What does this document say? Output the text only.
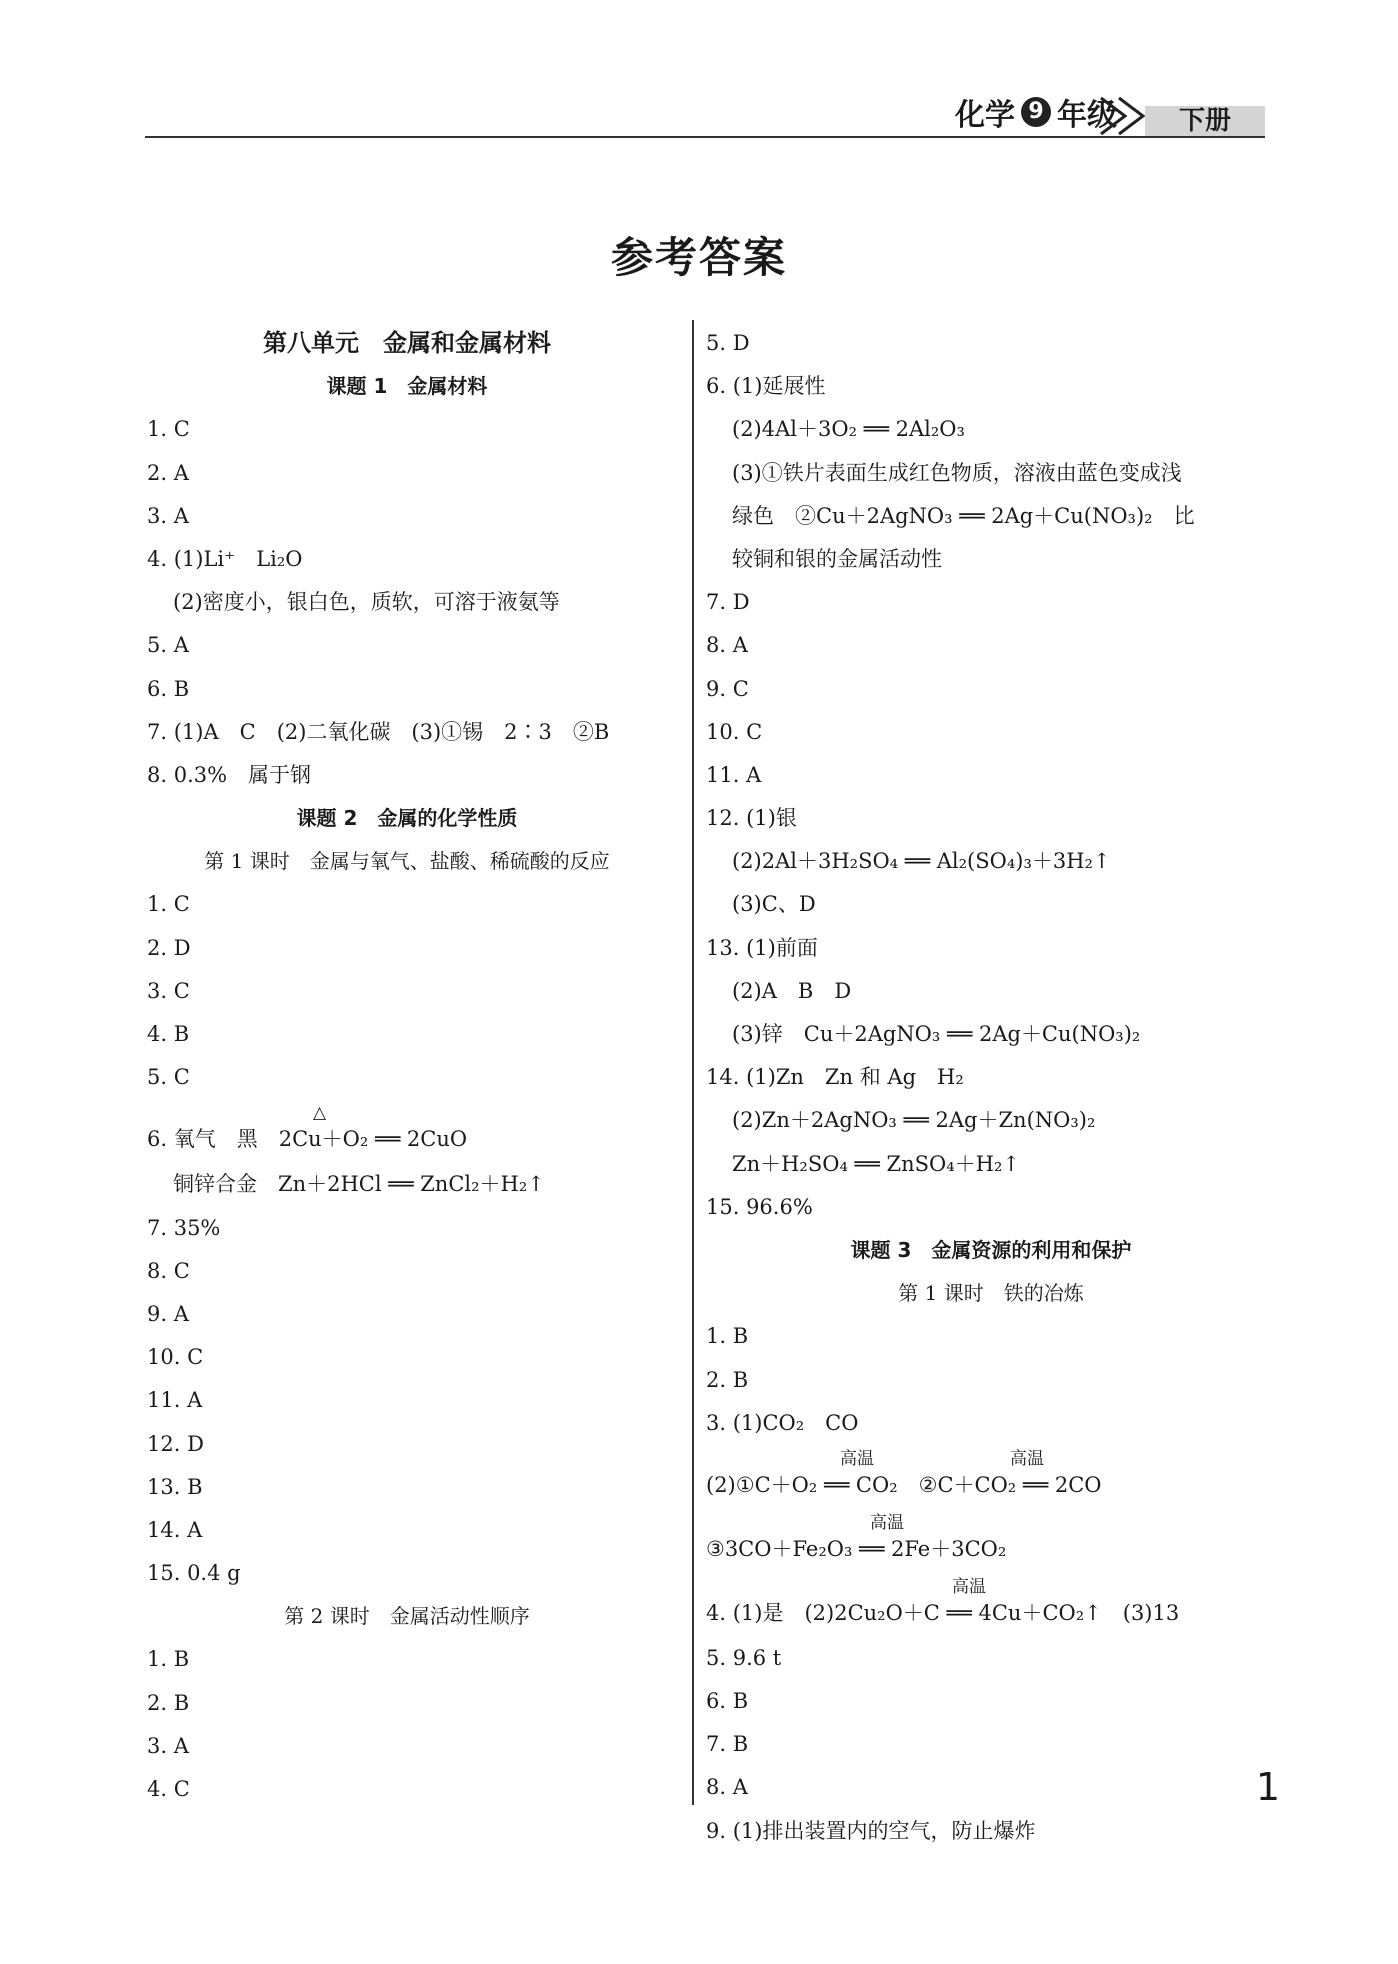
化学 9 年级	下册
参考答案
第八单元　金属和金属材料
课题 1　金属材料
1. C
2. A
3. A
4. (1)Li⁺　Li₂O
(2)密度小，银白色，质软，可溶于液氨等
5. A
6. B
7. (1)A　C　(2)二氧化碳　(3)①锡　2∶3　②B
8. 0.3%　属于钢
课题 2　金属的化学性质
第 1 课时　金属与氧气、盐酸、稀硫酸的反应
1. C
2. D
3. C
4. B
5. C
6. 氧气　黑　2Cu＋O₂ ══ 2CuO
△
铜锌合金　Zn＋2HCl ══ ZnCl₂＋H₂↑
7. 35%
8. C
9. A
10. C
11. A
12. D
13. B
14. A
15. 0.4 g
第 2 课时　金属活动性顺序
1. B
2. B
3. A
4. C
5. D
6. (1)延展性
(2)4Al＋3O₂ ══ 2Al₂O₃
(3)①铁片表面生成红色物质，溶液由蓝色变成浅
绿色　②Cu＋2AgNO₃ ══ 2Ag＋Cu(NO₃)₂　比
较铜和银的金属活动性
7. D
8. A
9. C
10. C
11. A
12. (1)银
(2)2Al＋3H₂SO₄ ══ Al₂(SO₄)₃＋3H₂↑
(3)C、D
13. (1)前面
(2)A　B　D
(3)锌　Cu＋2AgNO₃ ══ 2Ag＋Cu(NO₃)₂
14. (1)Zn　Zn 和 Ag　H₂
(2)Zn＋2AgNO₃ ══ 2Ag＋Zn(NO₃)₂
Zn＋H₂SO₄ ══ ZnSO₄＋H₂↑
15. 96.6%
课题 3　金属资源的利用和保护
第 1 课时　铁的冶炼
1. B
2. B
3. (1)CO₂　CO
(2)①C＋O₂ ══ CO₂　②C＋CO₂ ══ 2CO
高温　　　　　　　　高温
③3CO＋Fe₂O₃ ══ 2Fe＋3CO₂
高温
4. (1)是　(2)2Cu₂O＋C ══ 4Cu＋CO₂↑　(3)13
高温
5. 9.6 t
6. B
7. B
8. A
9. (1)排出装置内的空气，防止爆炸
1
